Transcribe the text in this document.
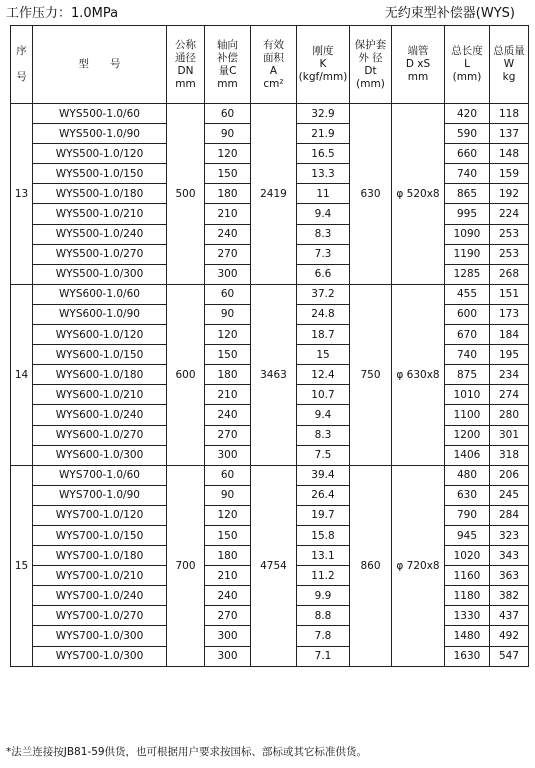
工作压力：1.0MPa	无约束型补偿器(WYS)
序

号	型　　号	公称
通径
DN
mm	轴向
补偿
量C
mm	有效
面积
A
cm²	刚度
K
(kgf/mm)	保护套
外 径
Dt
(mm)	端管
D xS
mm	总长度
L
(mm)	总质量
W
kg
13	WYS500-1.0/60	500	60	2419	32.9	630	φ 520x8	420	118
	WYS500-1.0/90		90		21.9			590	137
	WYS500-1.0/120		120		16.5			660	148
	WYS500-1.0/150		150		13.3			740	159
	WYS500-1.0/180		180		11			865	192
	WYS500-1.0/210		210		9.4			995	224
	WYS500-1.0/240		240		8.3			1090	253
	WYS500-1.0/270		270		7.3			1190	253
	WYS500-1.0/300		300		6.6			1285	268
14	WYS600-1.0/60	600	60	3463	37.2	750	φ 630x8	455	151
	WYS600-1.0/90		90		24.8			600	173
	WYS600-1.0/120		120		18.7			670	184
	WYS600-1.0/150		150		15			740	195
	WYS600-1.0/180		180		12.4			875	234
	WYS600-1.0/210		210		10.7			1010	274
	WYS600-1.0/240		240		9.4			1100	280
	WYS600-1.0/270		270		8.3			1200	301
	WYS600-1.0/300		300		7.5			1406	318
15	WYS700-1.0/60	700	60	4754	39.4	860	φ 720x8	480	206
	WYS700-1.0/90		90		26.4			630	245
	WYS700-1.0/120		120		19.7			790	284
	WYS700-1.0/150		150		15.8			945	323
	WYS700-1.0/180		180		13.1			1020	343
	WYS700-1.0/210		210		11.2			1160	363
	WYS700-1.0/240		240		9.9			1180	382
	WYS700-1.0/270		270		8.8			1330	437
	WYS700-1.0/300		300		7.8			1480	492
	WYS700-1.0/300		300		7.1			1630	547
*法兰连接按JB81-59供货，也可根据用户要求按国标、部标或其它标准供货。
